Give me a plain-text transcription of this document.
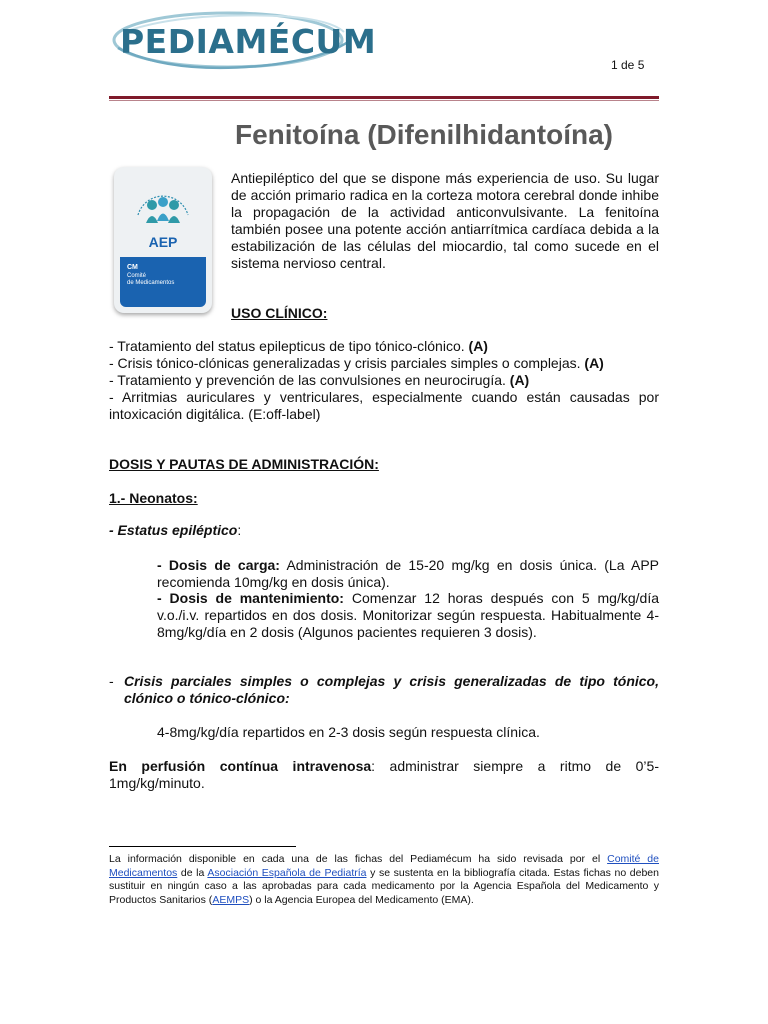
PEDIAMÉCUM
1 de 5
Fenitoína (Difenilhidantoína)
AEP
CM
Comité
de Medicamentos

Antiepiléptico del que se dispone más experiencia de uso. Su lugar de acción primario radica en la corteza motora cerebral donde inhibe la propagación de la actividad anticonvulsivante. La fenitoína también posee una potente acción antiarrítmica cardíaca debida a la estabilización de las células del miocardio, tal como sucede en el sistema nervioso central.

USO CLÍNICO:
- Tratamiento del status epilepticus de tipo tónico-clónico. (A)
- Crisis tónico-clónicas generalizadas y crisis parciales simples o complejas. (A)
- Tratamiento y prevención de las convulsiones en neurocirugía. (A)
- Arritmias auriculares y ventriculares, especialmente cuando están causadas por intoxicación digitálica. (E:off-label)
DOSIS Y PAUTAS DE ADMINISTRACIÓN:
1.- Neonatos:
- Estatus epiléptico:
- Dosis de carga: Administración de 15-20 mg/kg en dosis única. (La APP recomienda 10mg/kg en dosis única).
- Dosis de mantenimiento: Comenzar 12 horas después con 5 mg/kg/día v.o./i.v. repartidos en dos dosis. Monitorizar según respuesta. Habitualmente 4-8mg/kg/día en 2 dosis (Algunos pacientes requieren 3 dosis).
- Crisis parciales simples o complejas y crisis generalizadas de tipo tónico, clónico o tónico-clónico:
4-8mg/kg/día repartidos en 2-3 dosis según respuesta clínica.
En perfusión contínua intravenosa: administrar siempre a ritmo de 0’5-1mg/kg/minuto.
La información disponible en cada una de las fichas del Pediamécum ha sido revisada por el Comité de Medicamentos de la Asociación Española de Pediatría y se sustenta en la bibliografía citada. Estas fichas no deben sustituir en ningún caso a las aprobadas para cada medicamento por la Agencia Española del Medicamento y Productos Sanitarios (AEMPS) o la Agencia Europea del Medicamento (EMA).
